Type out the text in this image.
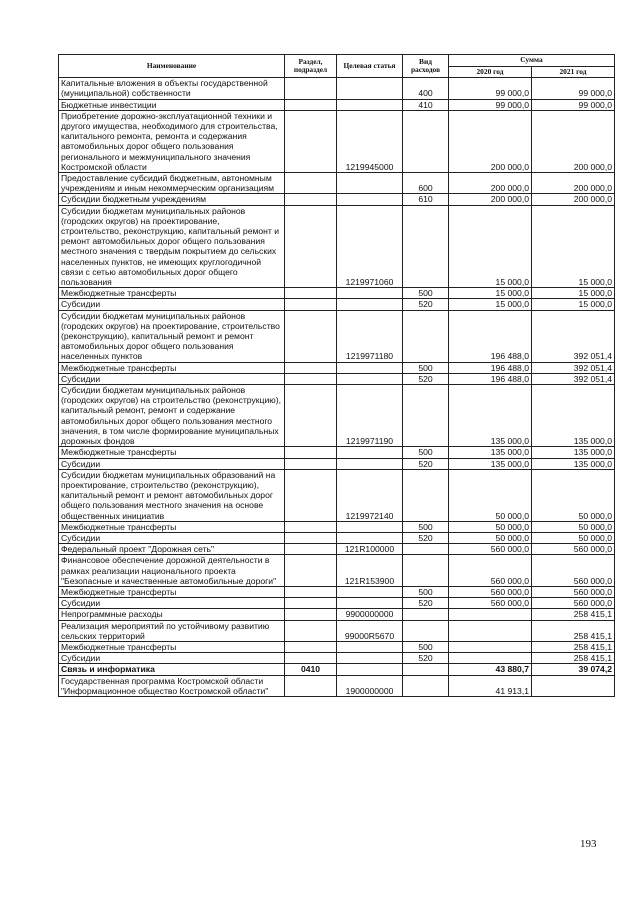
Наименование	Раздел, подраздел	Целевая статья	Вид расходов	Сумма	
				2020 год	2021 год
Капитальные вложения в объекты государственной (муниципальной) собственности			400	99 000,0	99 000,0
Бюджетные инвестиции			410	99 000,0	99 000,0
Приобретение дорожно-эксплуатационной техники и другого имущества, необходимого для строительства, капитального ремонта, ремонта и содержания автомобильных дорог общего пользования регионального и межмуниципального значения Костромской области		1219945000		200 000,0	200 000,0
Предоставление субсидий бюджетным, автономным учреждениям и иным некоммерческим организациям			600	200 000,0	200 000,0
Субсидии бюджетным учреждениям			610	200 000,0	200 000,0
Субсидии бюджетам муниципальных районов (городских округов) на проектирование, строительство, реконструкцию, капитальный ремонт и ремонт автомобильных дорог общего пользования местного значения с твердым покрытием до сельских населенных пунктов, не имеющих круглогодичной связи с сетью автомобильных дорог общего пользования		1219971060		15 000,0	15 000,0
Межбюджетные трансферты			500	15 000,0	15 000,0
Субсидии			520	15 000,0	15 000,0
Субсидии бюджетам муниципальных районов (городских округов) на проектирование, строительство (реконструкцию), капитальный ремонт и ремонт автомобильных дорог общего пользования населенных пунктов		1219971180		196 488,0	392 051,4
Межбюджетные трансферты			500	196 488,0	392 051,4
Субсидии			520	196 488,0	392 051,4
Субсидии бюджетам муниципальных районов (городских округов) на строительство (реконструкцию), капитальный ремонт, ремонт и содержание автомобильных дорог общего пользования местного значения, в том числе формирование муниципальных дорожных фондов		1219971190		135 000,0	135 000,0
Межбюджетные трансферты			500	135 000,0	135 000,0
Субсидии			520	135 000,0	135 000,0
Субсидии бюджетам муниципальных образований на проектирование, строительство (реконструкцию), капитальный ремонт и ремонт автомобильных дорог общего пользования местного значения на основе общественных инициатив		1219972140		50 000,0	50 000,0
Межбюджетные трансферты			500	50 000,0	50 000,0
Субсидии			520	50 000,0	50 000,0
Федеральный проект "Дорожная сеть"		121R100000		560 000,0	560 000,0
Финансовое обеспечение дорожной деятельности в рамках реализации национального проекта "Безопасные и качественные автомобильные дороги"		121R153900		560 000,0	560 000,0
Межбюджетные трансферты			500	560 000,0	560 000,0
Субсидии			520	560 000,0	560 000,0
Непрограммные расходы		9900000000			258 415,1
Реализация мероприятий по устойчивому развитию сельских территорий		99000R5670			258 415,1
Межбюджетные трансферты			500		258 415,1
Субсидии			520		258 415,1
Связь и информатика	0410			43 880,7	39 074,2
Государственная программа Костромской области "Информационное общество Костромской области"		1900000000		41 913,1	
193
